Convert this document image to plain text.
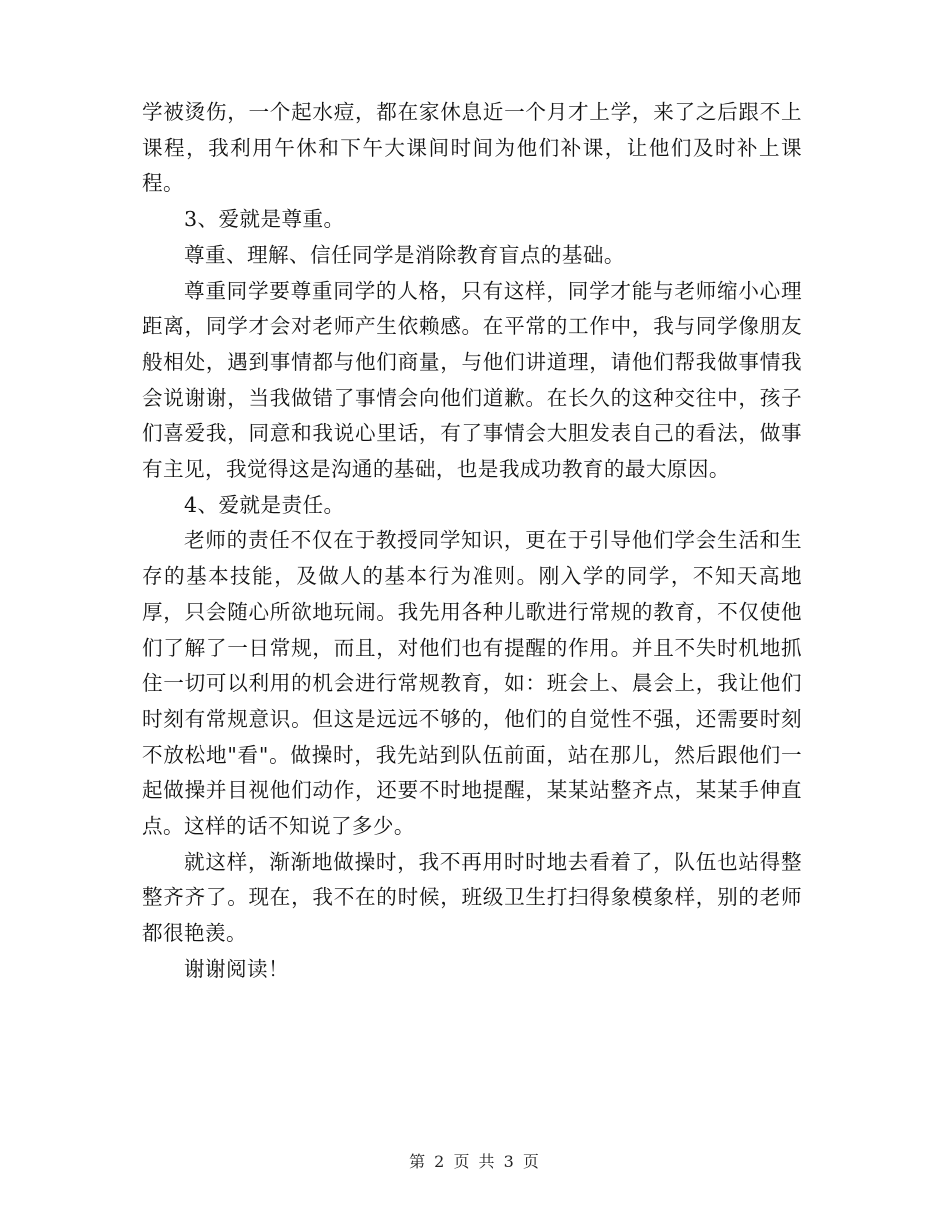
学被烫伤，一个起水痘，都在家休息近一个月才上学，来了之后跟不上课程，我利用午休和下午大课间时间为他们补课，让他们及时补上课程。

3、爱就是尊重。

尊重、理解、信任同学是消除教育盲点的基础。

尊重同学要尊重同学的人格，只有这样，同学才能与老师缩小心理距离，同学才会对老师产生依赖感。在平常的工作中，我与同学像朋友般相处，遇到事情都与他们商量，与他们讲道理，请他们帮我做事情我会说谢谢，当我做错了事情会向他们道歉。在长久的这种交往中，孩子们喜爱我，同意和我说心里话，有了事情会大胆发表自己的看法，做事有主见，我觉得这是沟通的基础，也是我成功教育的最大原因。

4、爱就是责任。

老师的责任不仅在于教授同学知识，更在于引导他们学会生活和生存的基本技能，及做人的基本行为准则。刚入学的同学，不知天高地厚，只会随心所欲地玩闹。我先用各种儿歌进行常规的教育，不仅使他们了解了一日常规，而且，对他们也有提醒的作用。并且不失时机地抓住一切可以利用的机会进行常规教育，如：班会上、晨会上，我让他们时刻有常规意识。但这是远远不够的，他们的自觉性不强，还需要时刻不放松地"看"。做操时，我先站到队伍前面，站在那儿，然后跟他们一起做操并目视他们动作，还要不时地提醒，某某站整齐点，某某手伸直点。这样的话不知说了多少。

就这样，渐渐地做操时，我不再用时时地去看着了，队伍也站得整整齐齐了。现在，我不在的时候，班级卫生打扫得象模象样，别的老师都很艳羡。

谢谢阅读！

第 2 页 共 3 页
